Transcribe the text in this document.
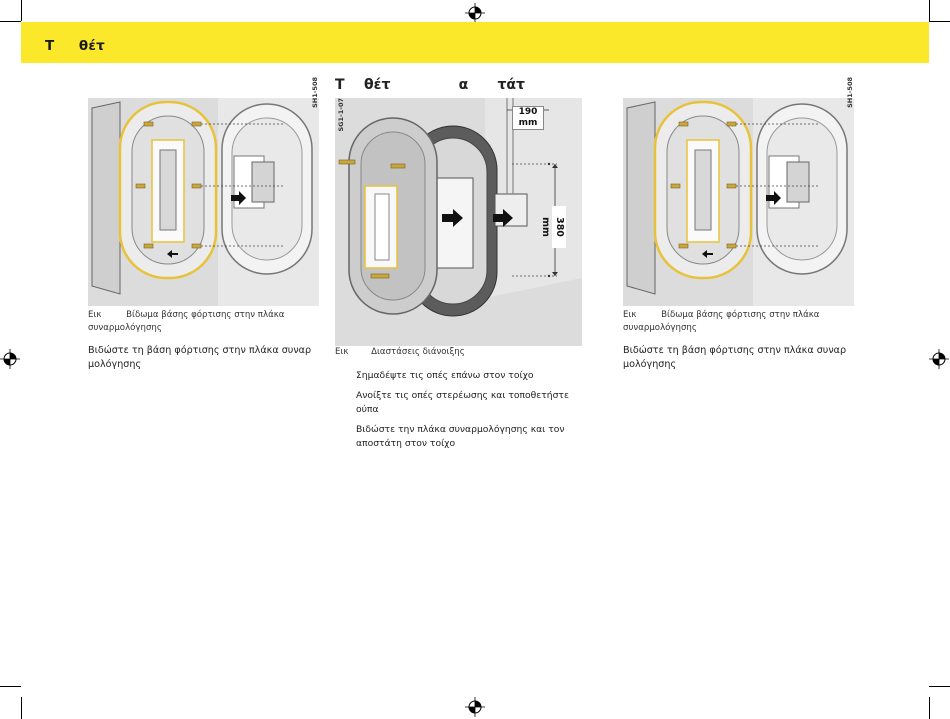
Τ     θέτ
Τ    θέτ              α      τάτ
SH1-508
Εικ	Βίδωμα βάσης φόρτισης στην πλάκα
συναρμολόγησης
Βιδώστε τη βάση φόρτισης στην πλάκα συναρ
μολόγησης
SG1-1-07	190 mm
380 mm
Εικ	Διαστάσεις διάνοιξης
Σημαδέψτε τις οπές επάνω στον τοίχο
Ανοίξτε τις οπές στερέωσης και τοποθετήστε
ούπα
Βιδώστε την πλάκα συναρμολόγησης και τον
αποστάτη στον τοίχο
SH1-508
Εικ	Βίδωμα βάσης φόρτισης στην πλάκα
συναρμολόγησης
Βιδώστε τη βάση φόρτισης στην πλάκα συναρ
μολόγησης
